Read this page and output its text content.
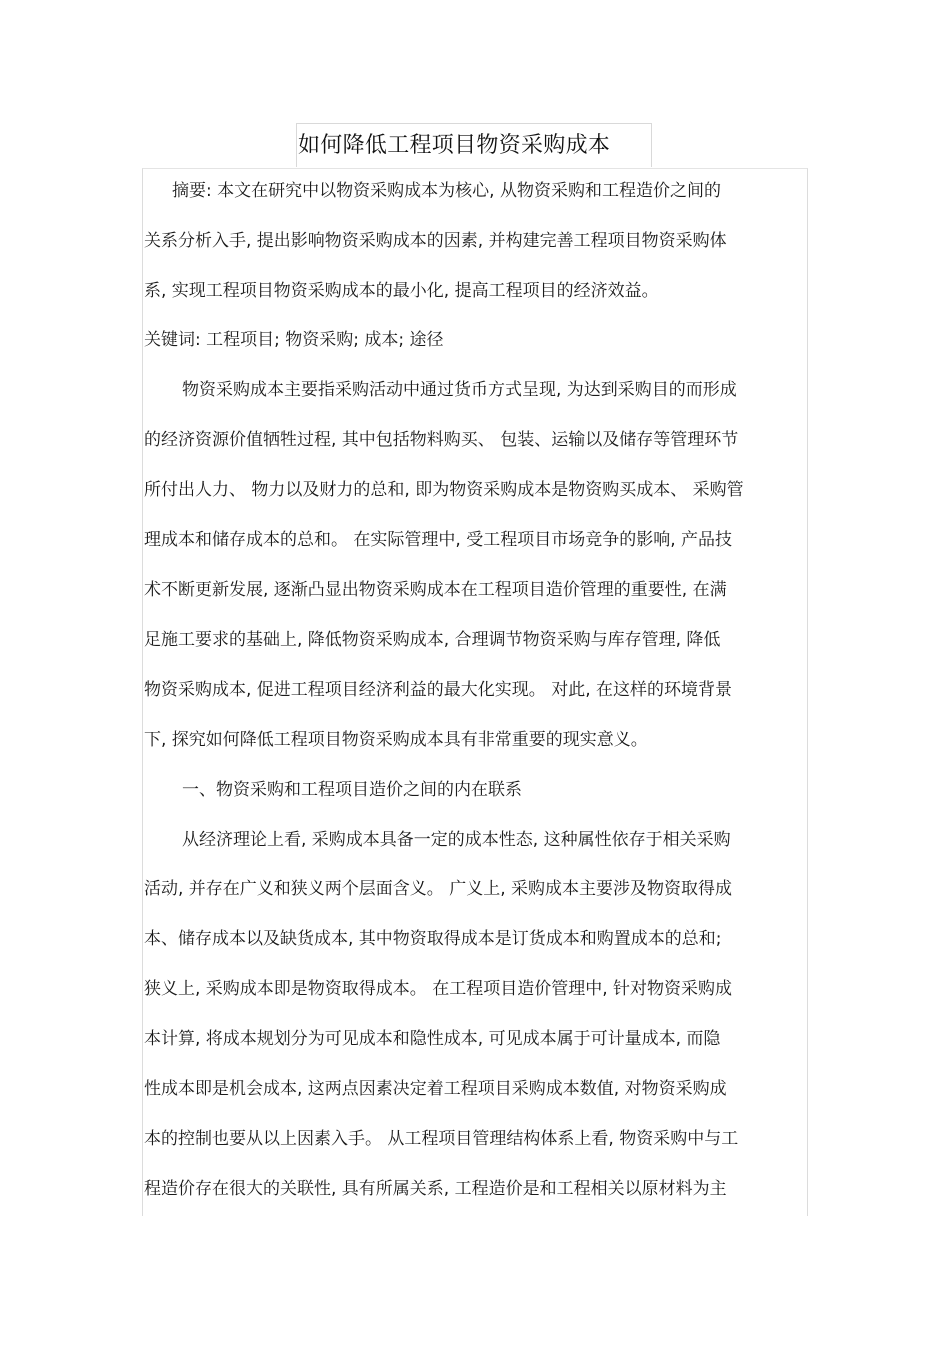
如何降低工程项目物资采购成本
摘要: 本文在研究中以物资采购成本为核心, 从物资采购和工程造价之间的
关系分析入手, 提出影响物资采购成本的因素, 并构建完善工程项目物资采购体
系, 实现工程项目物资采购成本的最小化, 提高工程项目的经济效益。
关键词: 工程项目; 物资采购; 成本; 途径
物资采购成本主要指采购活动中通过货币方式呈现, 为达到采购目的而形成
的经济资源价值牺牲过程, 其中包括物料购买、 包装、运输以及储存等管理环节
所付出人力、 物力以及财力的总和, 即为物资采购成本是物资购买成本、 采购管
理成本和储存成本的总和。 在实际管理中, 受工程项目市场竞争的影响, 产品技
术不断更新发展, 逐渐凸显出物资采购成本在工程项目造价管理的重要性, 在满
足施工要求的基础上, 降低物资采购成本, 合理调节物资采购与库存管理, 降低
物资采购成本, 促进工程项目经济利益的最大化实现。 对此, 在这样的环境背景
下, 探究如何降低工程项目物资采购成本具有非常重要的现实意义。
一、物资采购和工程项目造价之间的内在联系
从经济理论上看, 采购成本具备一定的成本性态, 这种属性依存于相关采购
活动, 并存在广义和狭义两个层面含义。 广义上, 采购成本主要涉及物资取得成
本、储存成本以及缺货成本, 其中物资取得成本是订货成本和购置成本的总和;
狭义上, 采购成本即是物资取得成本。 在工程项目造价管理中, 针对物资采购成
本计算, 将成本规划分为可见成本和隐性成本, 可见成本属于可计量成本, 而隐
性成本即是机会成本, 这两点因素决定着工程项目采购成本数值, 对物资采购成
本的控制也要从以上因素入手。 从工程项目管理结构体系上看, 物资采购中与工
程造价存在很大的关联性, 具有所属关系, 工程造价是和工程相关以原材料为主
